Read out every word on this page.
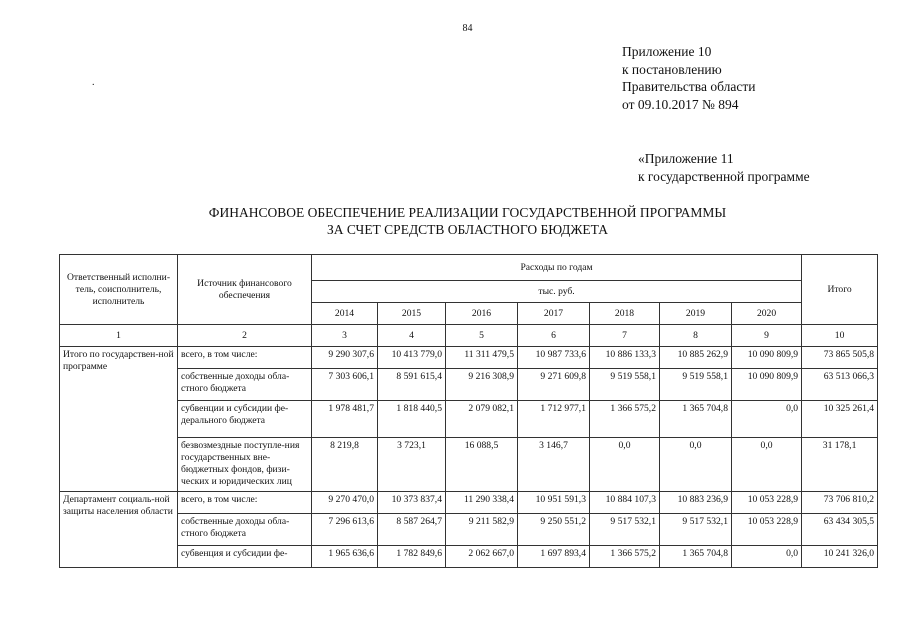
84
.
Приложение 10
к постановлению
Правительства области
от 09.10.2017 № 894
«Приложение 11
к государственной программе
ФИНАНСОВОЕ ОБЕСПЕЧЕНИЕ РЕАЛИЗАЦИИ ГОСУДАРСТВЕННОЙ ПРОГРАММЫ
ЗА СЧЕТ СРЕДСТВ ОБЛАСТНОГО БЮДЖЕТА
Ответственный исполни-тель, соисполнитель, исполнитель	Источник финансового обеспечения	Расходы по годам							Итого
		тыс. руб.							
		2014	2015	2016	2017	2018	2019	2020	
1	2	3	4	5	6	7	8	9	10
Итого по государствен-ной программе	всего, в том числе:	9 290 307,6	10 413 779,0	11 311 479,5	10 987 733,6	10 886 133,3	10 885 262,9	10 090 809,9	73 865 505,8
	собственные доходы обла-стного бюджета	7 303 606,1	8 591 615,4	9 216 308,9	9 271 609,8	9 519 558,1	9 519 558,1	10 090 809,9	63 513 066,3
	субвенции и субсидии фе-дерального бюджета	1 978 481,7	1 818 440,5	2 079 082,1	1 712 977,1	1 366 575,2	1 365 704,8	0,0	10 325 261,4
	безвозмездные поступле-ния государственных вне-бюджетных фондов, физи-ческих и юридических лиц	8 219,8	3 723,1	16 088,5	3 146,7	0,0	0,0	0,0	31 178,1
Департамент социаль-ной защиты населения области	всего, в том числе:	9 270 470,0	10 373 837,4	11 290 338,4	10 951 591,3	10 884 107,3	10 883 236,9	10 053 228,9	73 706 810,2
	собственные доходы обла-стного бюджета	7 296 613,6	8 587 264,7	9 211 582,9	9 250 551,2	9 517 532,1	9 517 532,1	10 053 228,9	63 434 305,5
	субвенция и субсидии фе-	1 965 636,6	1 782 849,6	2 062 667,0	1 697 893,4	1 366 575,2	1 365 704,8	0,0	10 241 326,0
